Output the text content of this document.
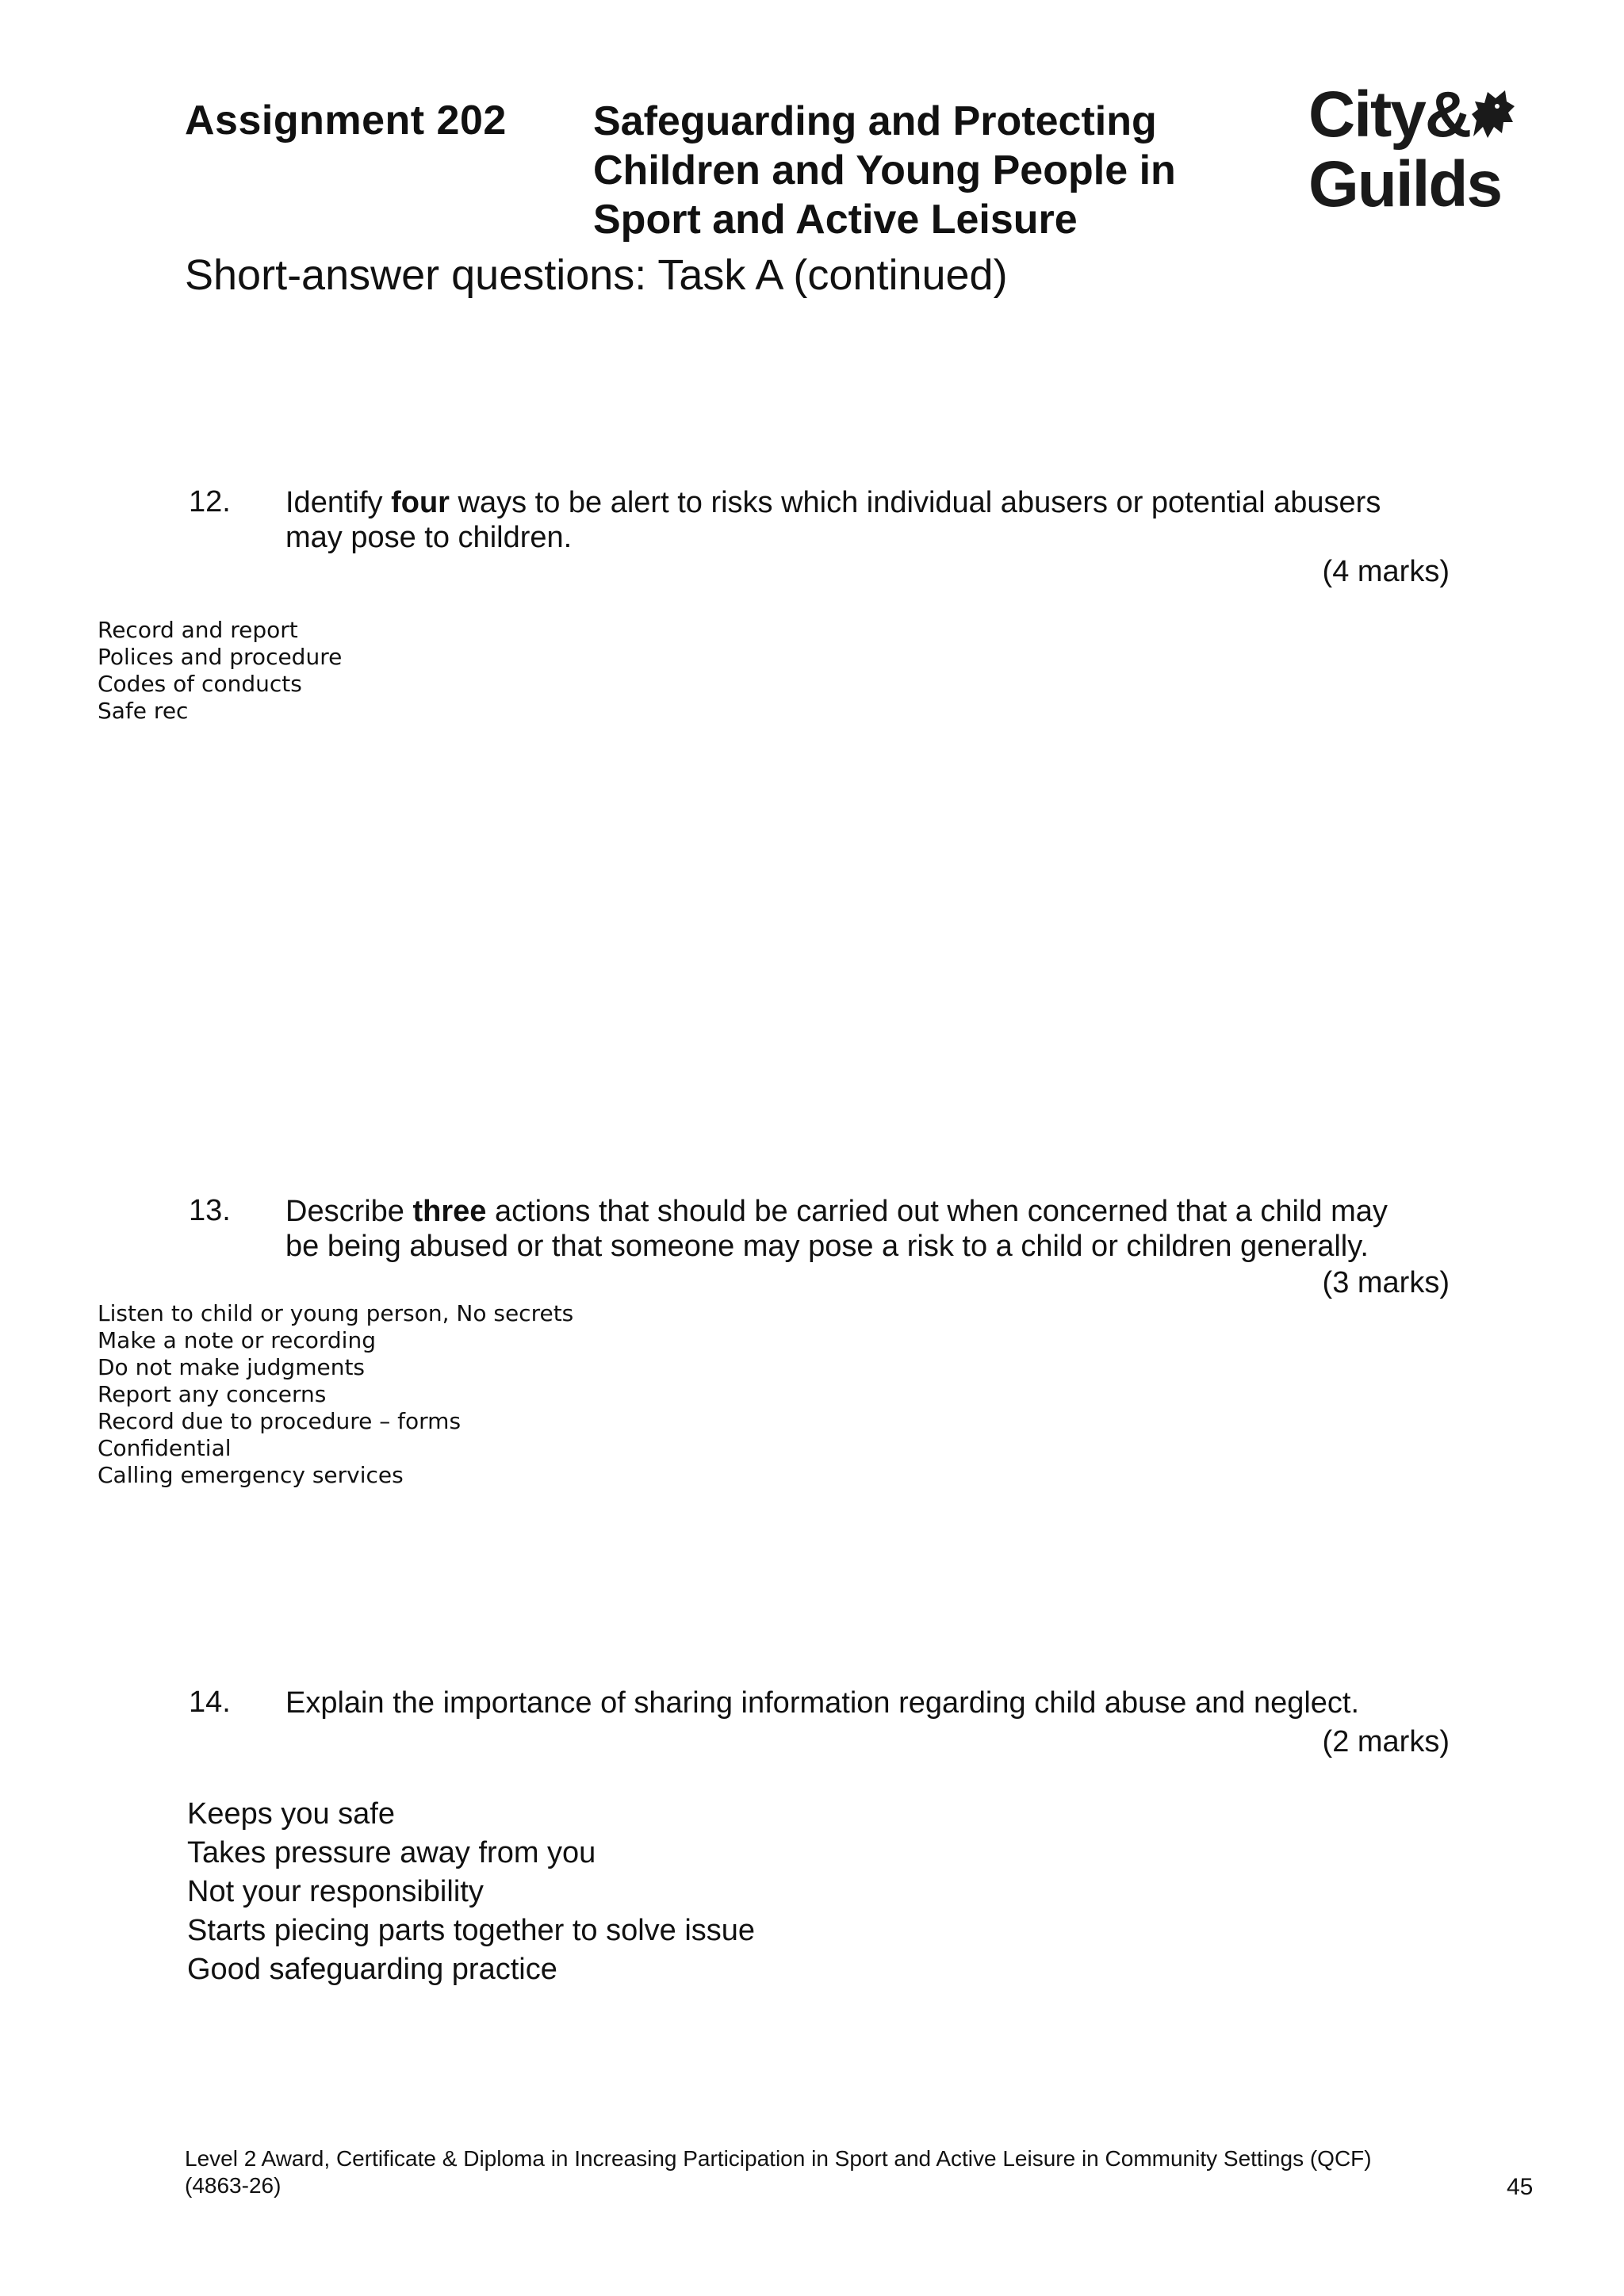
Assignment 202 Safeguarding and Protecting
Children and Young People in
Sport and Active Leisure
Short-answer questions: Task A (continued)
City&
Guilds
12. Identify four ways to be alert to risks which individual abusers or potential abusers may pose to children.
(4 marks)
Record and report
Polices and procedure
Codes of conducts
Safe rec
13. Describe three actions that should be carried out when concerned that a child may be being abused or that someone may pose a risk to a child or children generally.
(3 marks)
Listen to child or young person, No secrets
Make a note or recording
Do not make judgments
Report any concerns
Record due to procedure – forms
Confidential
Calling emergency services
14. Explain the importance of sharing information regarding child abuse and neglect.
(2 marks)
Keeps you safe
Takes pressure away from you
Not your responsibility
Starts piecing parts together to solve issue
Good safeguarding practice
Level 2 Award, Certificate & Diploma in Increasing Participation in Sport and Active Leisure in Community Settings (QCF)
(4863-26)	45
